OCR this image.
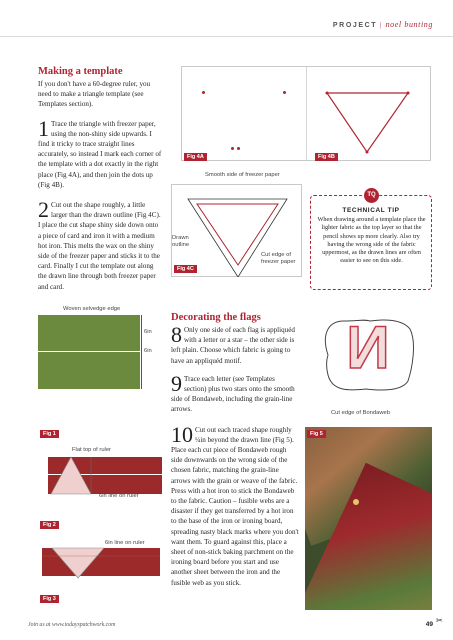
PROJECT | noel bunting
Making a template

If you don't have a 60-degree ruler, you need to make a triangle template (see Templates section).

1 Trace the triangle with freezer paper, using the non-shiny side upwards. I find it tricky to trace straight lines accurately, so instead I mark each corner of the template with a dot exactly in the right place (Fig 4A), and then join the dots up (Fig 4B).

2 Cut out the shape roughly, a little larger than the drawn outline (Fig 4C). I place the cut shape shiny side down onto a piece of card and iron it with a medium hot iron. This melts the wax on the shiny side of the freezer paper and sticks it to the card. Finally I cut the template out along the drawn line through both freezer paper and card.

Fig 4A	Fig 4B
Smooth side of freezer paper
Fig 4C
Drawn outline
Cut edge of freezer paper
TQ
TECHNICAL TIP
When drawing around a template place the lighter fabric as the top layer so that the pencil shows up more clearly. Also try having the wrong side of the fabric uppermost, as the drawn lines are often easier to see on this side.
Woven selvedge edge
6in
6in
Fig 1
Flat top of ruler
6in line on ruler
Fig 2
6in line on ruler
Fig 3
Decorating the flags

8 Only one side of each flag is appliquéd with a letter or a star – the other side is left plain. Choose which fabric is going to have an appliquéd motif.

9 Trace each letter (see Templates section) plus two stars onto the smooth side of Bondaweb, including the grain-line arrows.

10 Cut out each traced shape roughly ¼in beyond the drawn line (Fig 5). Place each cut piece of Bondaweb rough side downwards on the wrong side of the chosen fabric, matching the grain-line arrows with the grain or weave of the fabric. Press with a hot iron to stick the Bondaweb to the fabric. Caution – fusible webs are a disaster if they get transferred by a hot iron to the base of the iron or ironing board, spreading nasty black marks where you don't want them. To guard against this, place a sheet of non-stick baking parchment on the ironing board before you start and use another sheet between the iron and the fusible web as you stick.

N
Cut edge of Bondaweb
Fig 5
Join us at www.todayspatchwork.com	49 ✂
